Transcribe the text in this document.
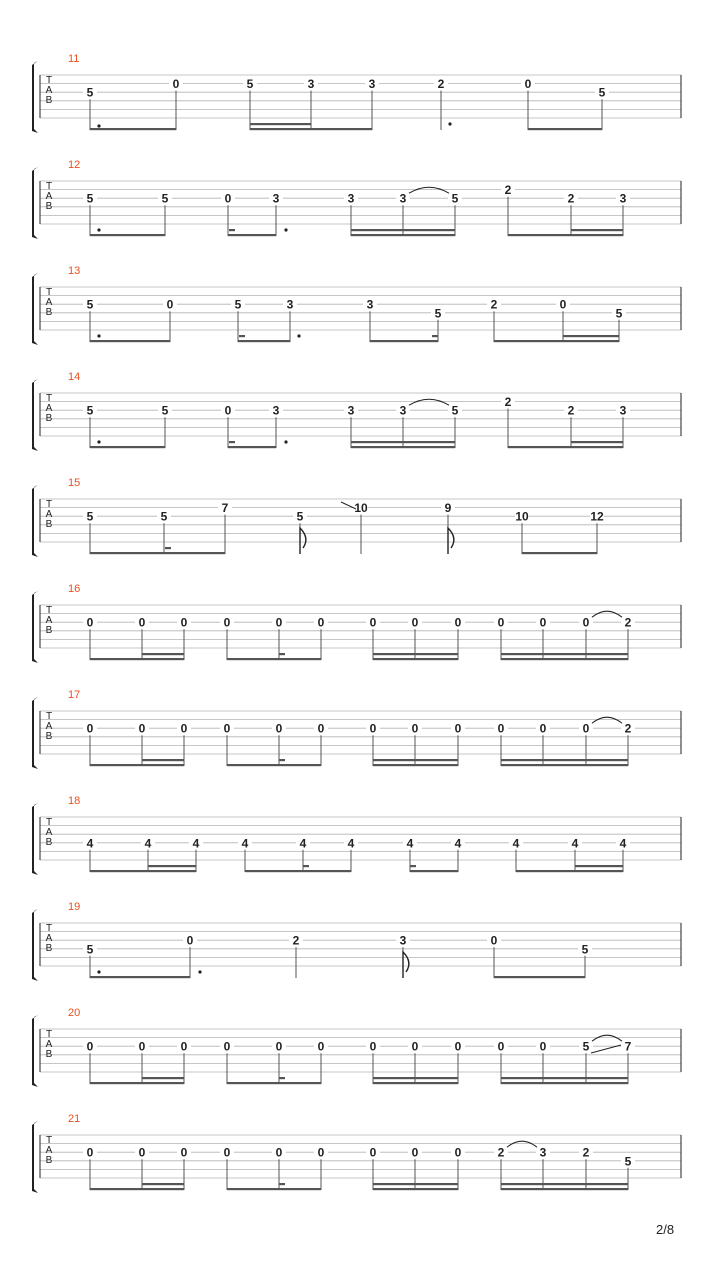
T
A
B
11
5
0	5	3	3	2	0
5
T
A
B
12
5	5	0	3	3	3	5
2
2	3
T
A
B
13
5	0	5	3	3
5
2	0
5
T
A
B
14
5	5	0	3	3	3	5
2
2	3
T
A
B
15
5	5
7
5
10	9
10	12
T
A
B
16
0	0	0	0	0	0	0	0	0	0	0	0	2
T
A
B
17
0	0	0	0	0	0	0	0	0	0	0	0	2
T
A
B
18
4	4	4	4	4	4	4	4	4	4	4
T
A
B
19
5
0	2	3	0
5
T
A
B
20
0	0	0	0	0	0	0	0	0	0	0	5	7
T
A
B
21
0	0	0	0	0	0	0	0	0	2	3	2
5
2/8
